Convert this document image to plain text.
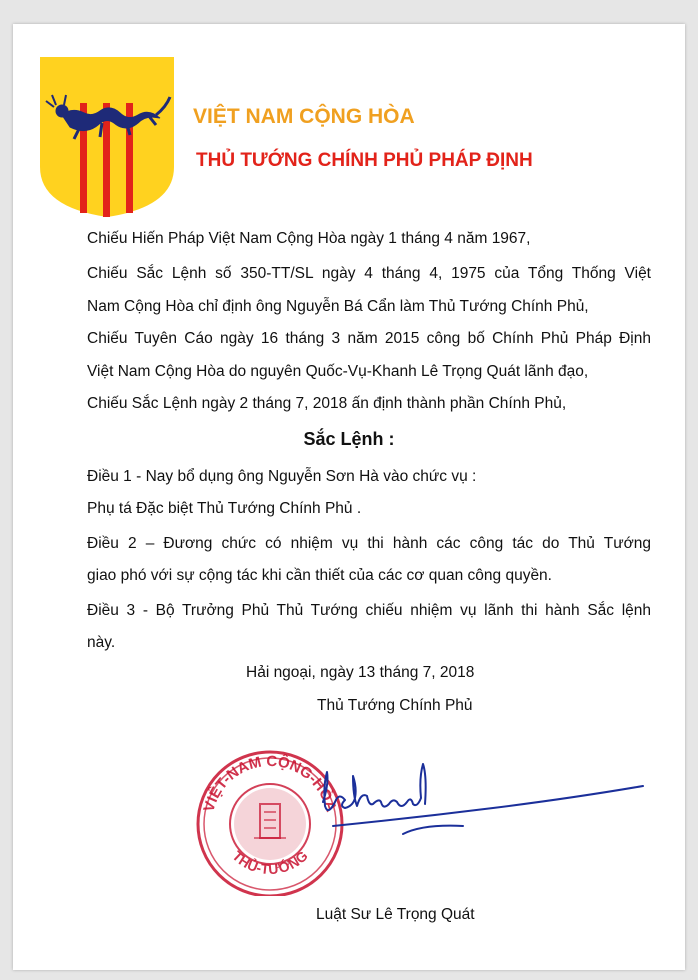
VIỆT NAM CỘNG HÒA
THỦ TƯỚNG CHÍNH PHỦ PHÁP ĐỊNH
Chiếu Hiến Pháp Việt Nam Cộng Hòa ngày 1 tháng 4 năm 1967,
Chiếu Sắc Lệnh số 350-TT/SL ngày 4 tháng 4, 1975 của Tổng Thống Việt
Nam Cộng Hòa chỉ định ông Nguyễn Bá Cẩn làm Thủ Tướng Chính Phủ,
Chiếu Tuyên Cáo ngày 16 tháng 3 năm 2015 công bố Chính Phủ Pháp Định
Việt Nam Cộng Hòa do nguyên Quốc-Vụ-Khanh Lê Trọng Quát lãnh đạo,
Chiếu Sắc Lệnh ngày 2 tháng 7, 2018 ấn định thành phần Chính Phủ,
Sắc Lệnh :
Điều 1 - Nay bổ dụng ông Nguyễn Sơn Hà vào chức vụ :
Phụ tá Đặc biệt Thủ Tướng Chính Phủ .
Điều 2 – Đương chức có nhiệm vụ thi hành các công tác do Thủ Tướng
giao phó với sự cộng tác khi cần thiết của các cơ quan công quyền.
Điều 3 - Bộ Trưởng Phủ Thủ Tướng chiếu nhiệm vụ lãnh thi hành Sắc lệnh
này.
Hải ngoại, ngày 13 tháng 7, 2018
Thủ Tướng Chính Phủ
VIỆT-NAM CỘNG-HÒA
THỦ-TƯỚNG
Luật Sư Lê Trọng Quát
